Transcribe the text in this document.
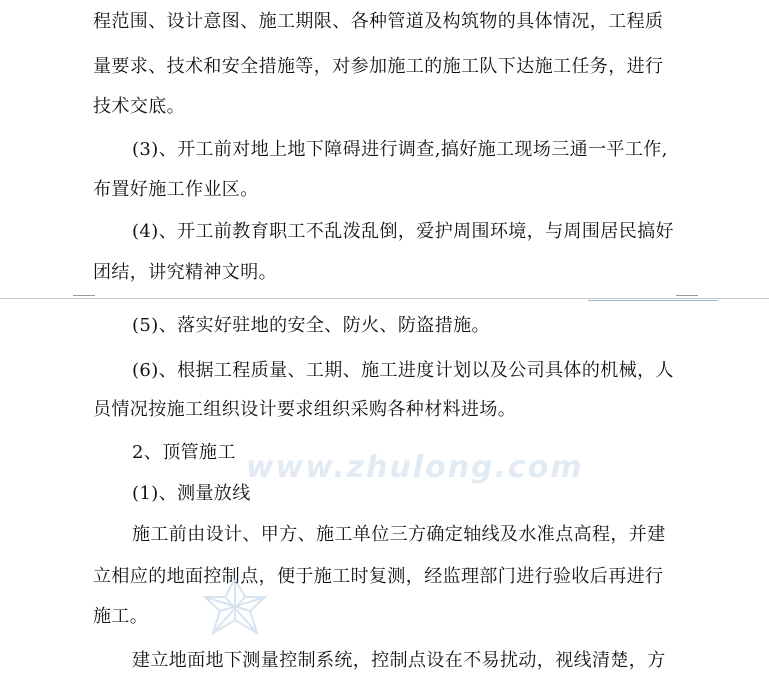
程范围、设计意图、施工期限、各种管道及构筑物的具体情况，工程质
量要求、技术和安全措施等，对参加施工的施工队下达施工任务，进行
技术交底。
(3)、开工前对地上地下障碍进行调查,搞好施工现场三通一平工作,
布置好施工作业区。
(4)、开工前教育职工不乱泼乱倒，爱护周围环境，与周围居民搞好
团结，讲究精神文明。
(5)、落实好驻地的安全、防火、防盗措施。
(6)、根据工程质量、工期、施工进度计划以及公司具体的机械，人
员情况按施工组织设计要求组织采购各种材料进场。
2、顶管施工
(1)、测量放线
施工前由设计、甲方、施工单位三方确定轴线及水准点高程，并建
立相应的地面控制点，便于施工时复测，经监理部门进行验收后再进行
施工。
建立地面地下测量控制系统，控制点设在不易扰动，视线清楚，方
www.zhulong.com
